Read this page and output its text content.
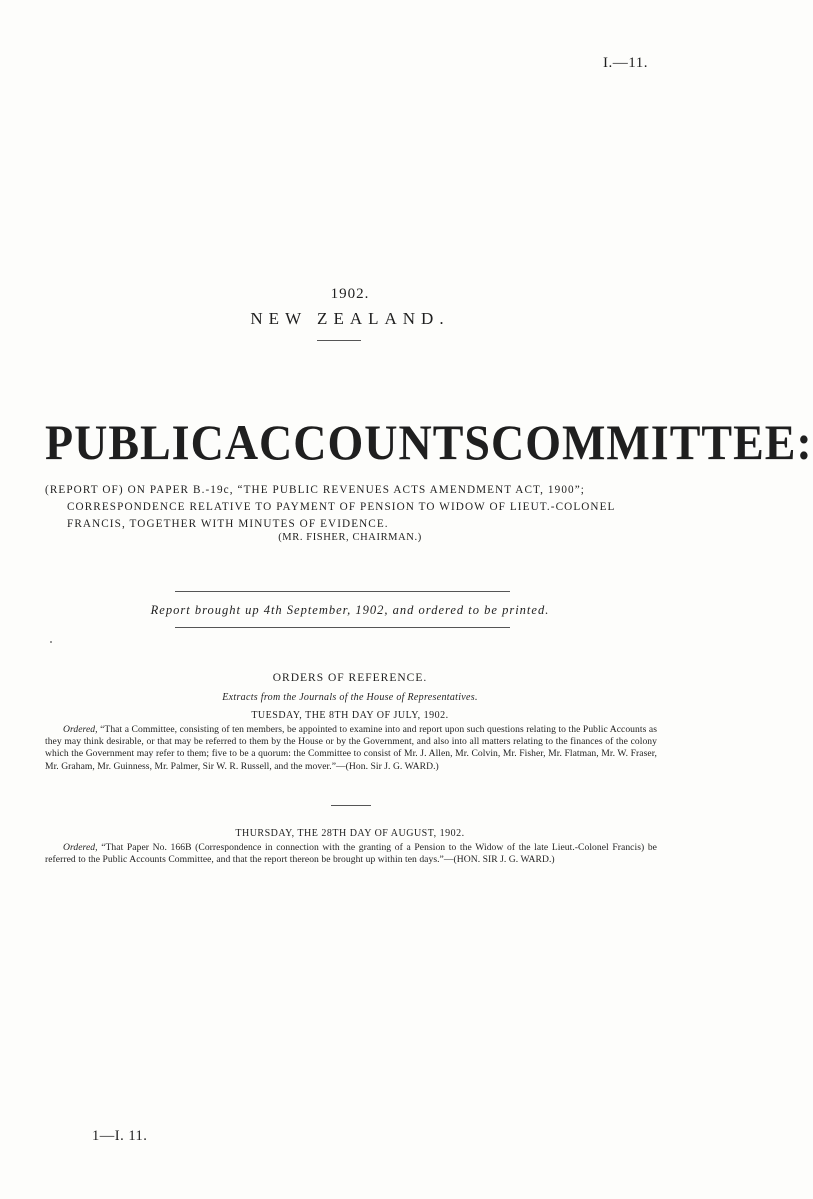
I.—11.
1902.
NEW ZEALAND.
PUBLIC ACCOUNTS COMMITTEE:
(REPORT OF) ON PAPER B.-19c, “THE PUBLIC REVENUES ACTS AMENDMENT ACT, 1900”;
CORRESPONDENCE RELATIVE TO PAYMENT OF PENSION TO WIDOW OF LIEUT.-COLONEL
FRANCIS, TOGETHER WITH MINUTES OF EVIDENCE.
(MR. FISHER, CHAIRMAN.)
Report brought up 4th September, 1902, and ordered to be printed.
ORDERS OF REFERENCE.
Extracts from the Journals of the House of Representatives.
TUESDAY, THE 8TH DAY OF JULY, 1902.
Ordered, “That a Committee, consisting of ten members, be appointed to examine into and report upon such questions relating to the Public Accounts as they may think desirable, or that may be referred to them by the House or by the Government, and also into all matters relating to the finances of the colony which the Government may refer to them; five to be a quorum: the Committee to consist of Mr. J. Allen, Mr. Colvin, Mr. Fisher, Mr. Flatman, Mr. W. Fraser, Mr. Graham, Mr. Guinness, Mr. Palmer, Sir W. R. Russell, and the mover.”—(Hon. Sir J. G. WARD.)
THURSDAY, THE 28TH DAY OF AUGUST, 1902.
Ordered, “That Paper No. 166B (Correspondence in connection with the granting of a Pension to the Widow of the late Lieut.-Colonel Francis) be referred to the Public Accounts Committee, and that the report thereon be brought up within ten days.”—(HON. SIR J. G. WARD.)
1—I. 11.
